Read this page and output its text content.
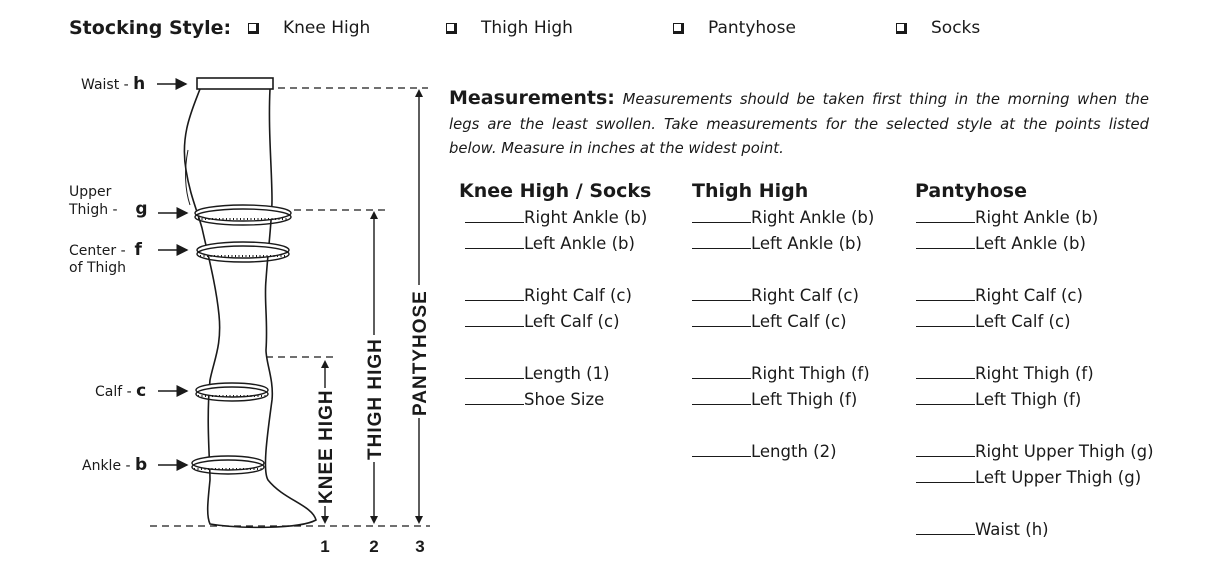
Stocking Style:	Knee High	Thigh High	Pantyhose	Socks
KNEE HIGH THIGH HIGH PANTYHOSE
1 2 3
Waist - h
Upper
Thigh - g
Center - f
of Thigh
Calf - c
Ankle - b
Measurements: Measurements should be taken first thing in the morning when the legs are the least swollen. Take measurements for the selected style at the points listed below. Measure in inches at the widest point.
Knee High / Socks
Right Ankle (b)
Left Ankle (b)
Right Calf (c)
Left Calf (c)
Length (1)
Shoe Size
Thigh High
Right Ankle (b)
Left Ankle (b)
Right Calf (c)
Left Calf (c)
Right Thigh (f)
Left Thigh (f)
Length (2)
Pantyhose
Right Ankle (b)
Left Ankle (b)
Right Calf (c)
Left Calf (c)
Right Thigh (f)
Left Thigh (f)
Right Upper Thigh (g)
Left Upper Thigh (g)
Waist (h)
